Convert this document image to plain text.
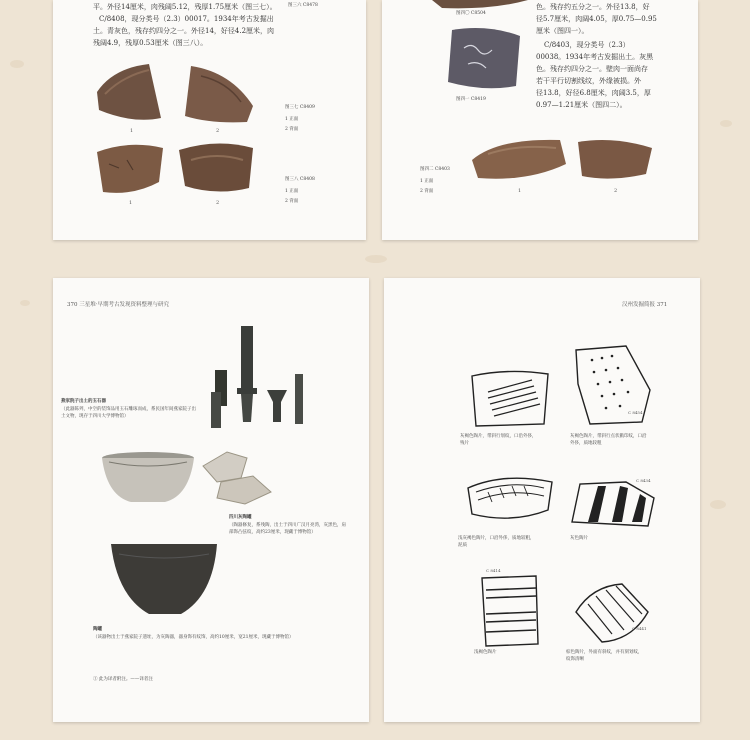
平。外径14厘米，肉残阔5.12，残厚1.75厘米（图三七）。
C/8408，现分类号（2.3）00017。1934年考古发掘出
土。青灰色，残存约四分之一。外径14，好径4.2厘米，肉
残阔4.9，残厚0.53厘米（图三八）。
图三六 C8478
1	2
图三七 C8409
1 正面
2 背面
1	2
图三八 C8408
1 正面
2 背面
图四〇 C8504
图四一 C8419
色。残存约五分之一。外径13.8，好
径5.7厘米，肉阔4.05，厚0.75—0.95
厘米（图四一）。
C/8403，现分类号（2.3）
00038。1934年考古发掘出土。灰黑
色。残存约四分之一。壁肉一面尚存
若干平行切割线纹，外缘被损。外
径13.8，好径6.8厘米，肉阔3.5，厚
0.97—1.21厘米（图四二）。
1	2
图四二 C8403
1 正面
2 背面
370 三星堆·早期考古发现资料整理与研究
燕家院子出土的玉石器
（此器陈列，中空的装饰品用玉石雕琢而成，系民国年间燕家院子出土文物，现存于四川大学博物馆）
四川灰陶罐
（陶器修复，系残陶，出土于四川广汉月亮湾，灰黑色，肩部饰凸弦纹，高约23厘米，现藏于博物馆）
陶罐
（该器物出土于燕家院子遗址，为灰陶器，器身饰有纹饰，高约10厘米，宽21厘米，现藏于博物馆）
① 此为译者附注。——译者注
汉州发掘简报 371
灰褐色陶片，带斜行划纹，口沿外侈，残片
C 8454
灰褐色陶片，带斜行点状戳印纹，口沿外侈，质地较粗
浅灰褐色陶片，口沿外侈，质地较粗，泥质
C 8434
灰色陶片
C 8414
浅褐色陶片
C 8441
棕色陶片，外面有斜纹，并有刻划纹，纹饰清晰
